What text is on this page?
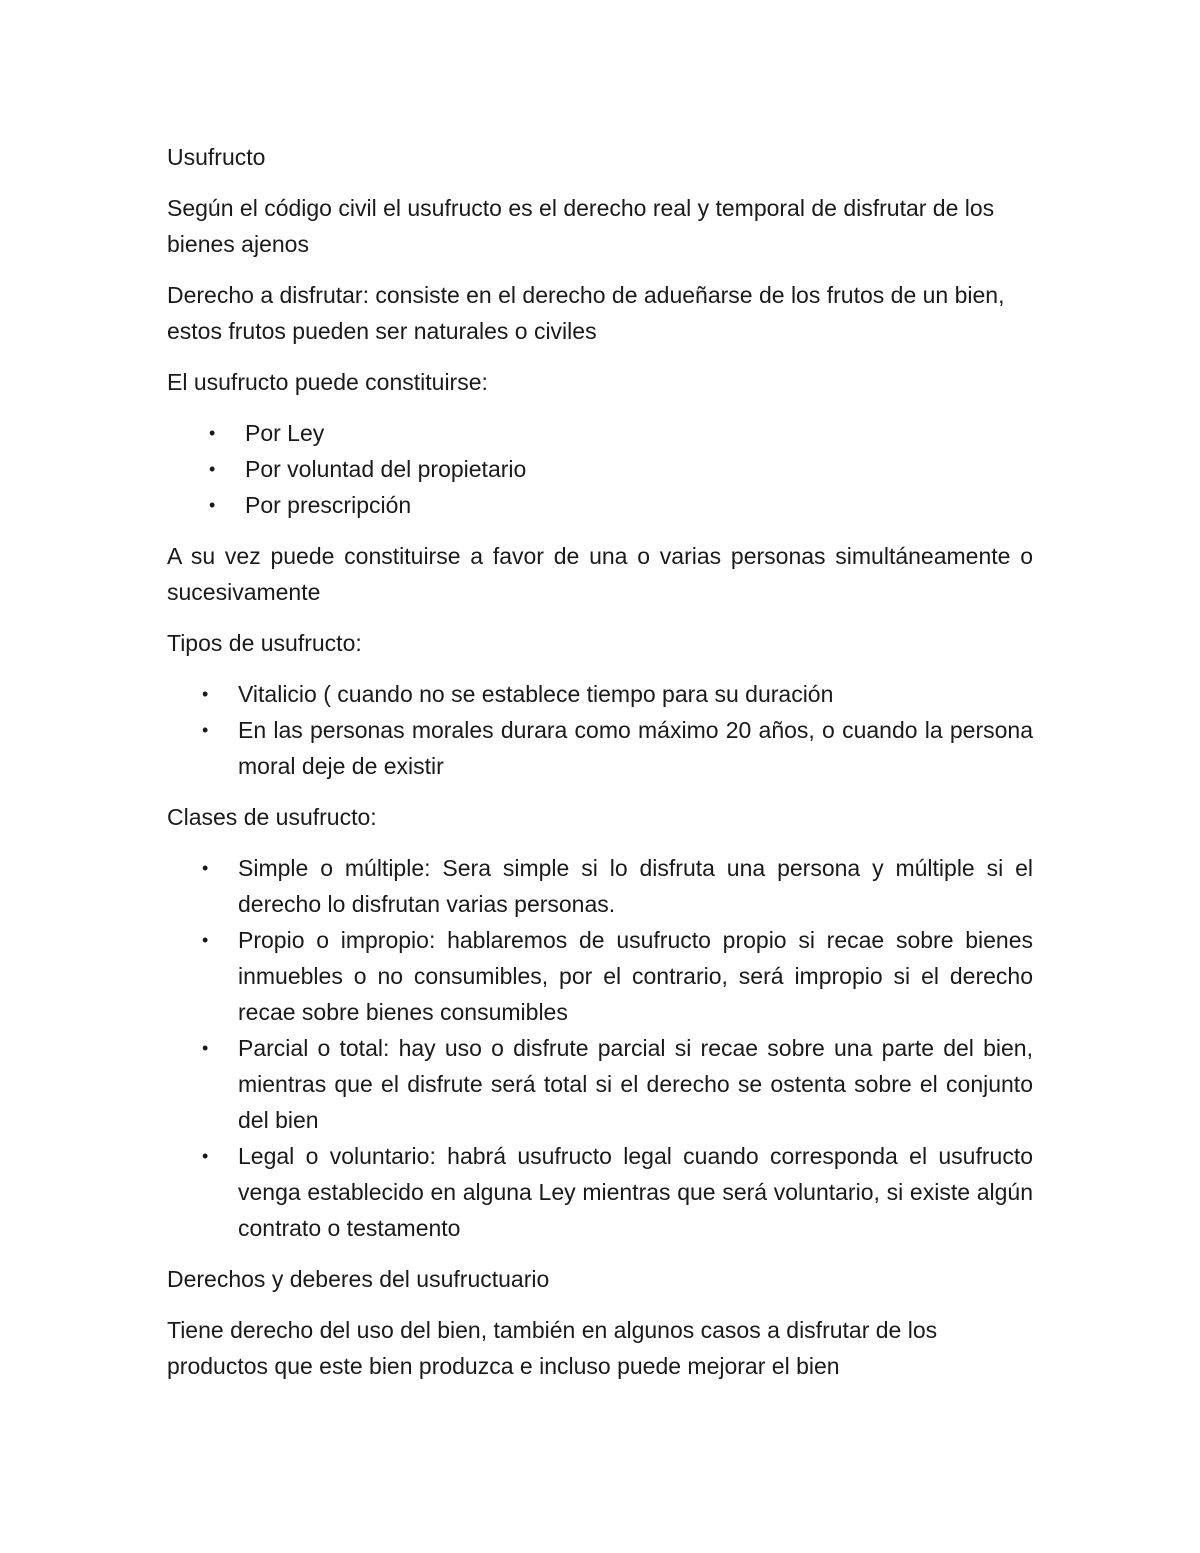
Usufructo

Según el código civil el usufructo es el derecho real y temporal de disfrutar de los bienes ajenos

Derecho a disfrutar: consiste en el derecho de adueñarse de los frutos de un bien, estos frutos pueden ser naturales o civiles

El usufructo puede constituirse:

• Por Ley
• Por voluntad del propietario
• Por prescripción

A su vez puede constituirse a favor de una o varias personas simultáneamente o sucesivamente

Tipos de usufructo:

• Vitalicio ( cuando no se establece tiempo para su duración
• En las personas morales durara como máximo 20 años, o cuando la persona moral deje de existir

Clases de usufructo:

• Simple o múltiple: Sera simple si lo disfruta una persona y múltiple si el derecho lo disfrutan varias personas.
• Propio o impropio: hablaremos de usufructo propio si recae sobre bienes inmuebles o no consumibles, por el contrario, será impropio si el derecho recae sobre bienes consumibles
• Parcial o total: hay uso o disfrute parcial si recae sobre una parte del bien, mientras que el disfrute será total si el derecho se ostenta sobre el conjunto del bien
• Legal o voluntario: habrá usufructo legal cuando corresponda el usufructo venga establecido en alguna Ley mientras que será voluntario, si existe algún contrato o testamento

Derechos y deberes del usufructuario

Tiene derecho del uso del bien, también en algunos casos a disfrutar de los productos que este bien produzca e incluso puede mejorar el bien
